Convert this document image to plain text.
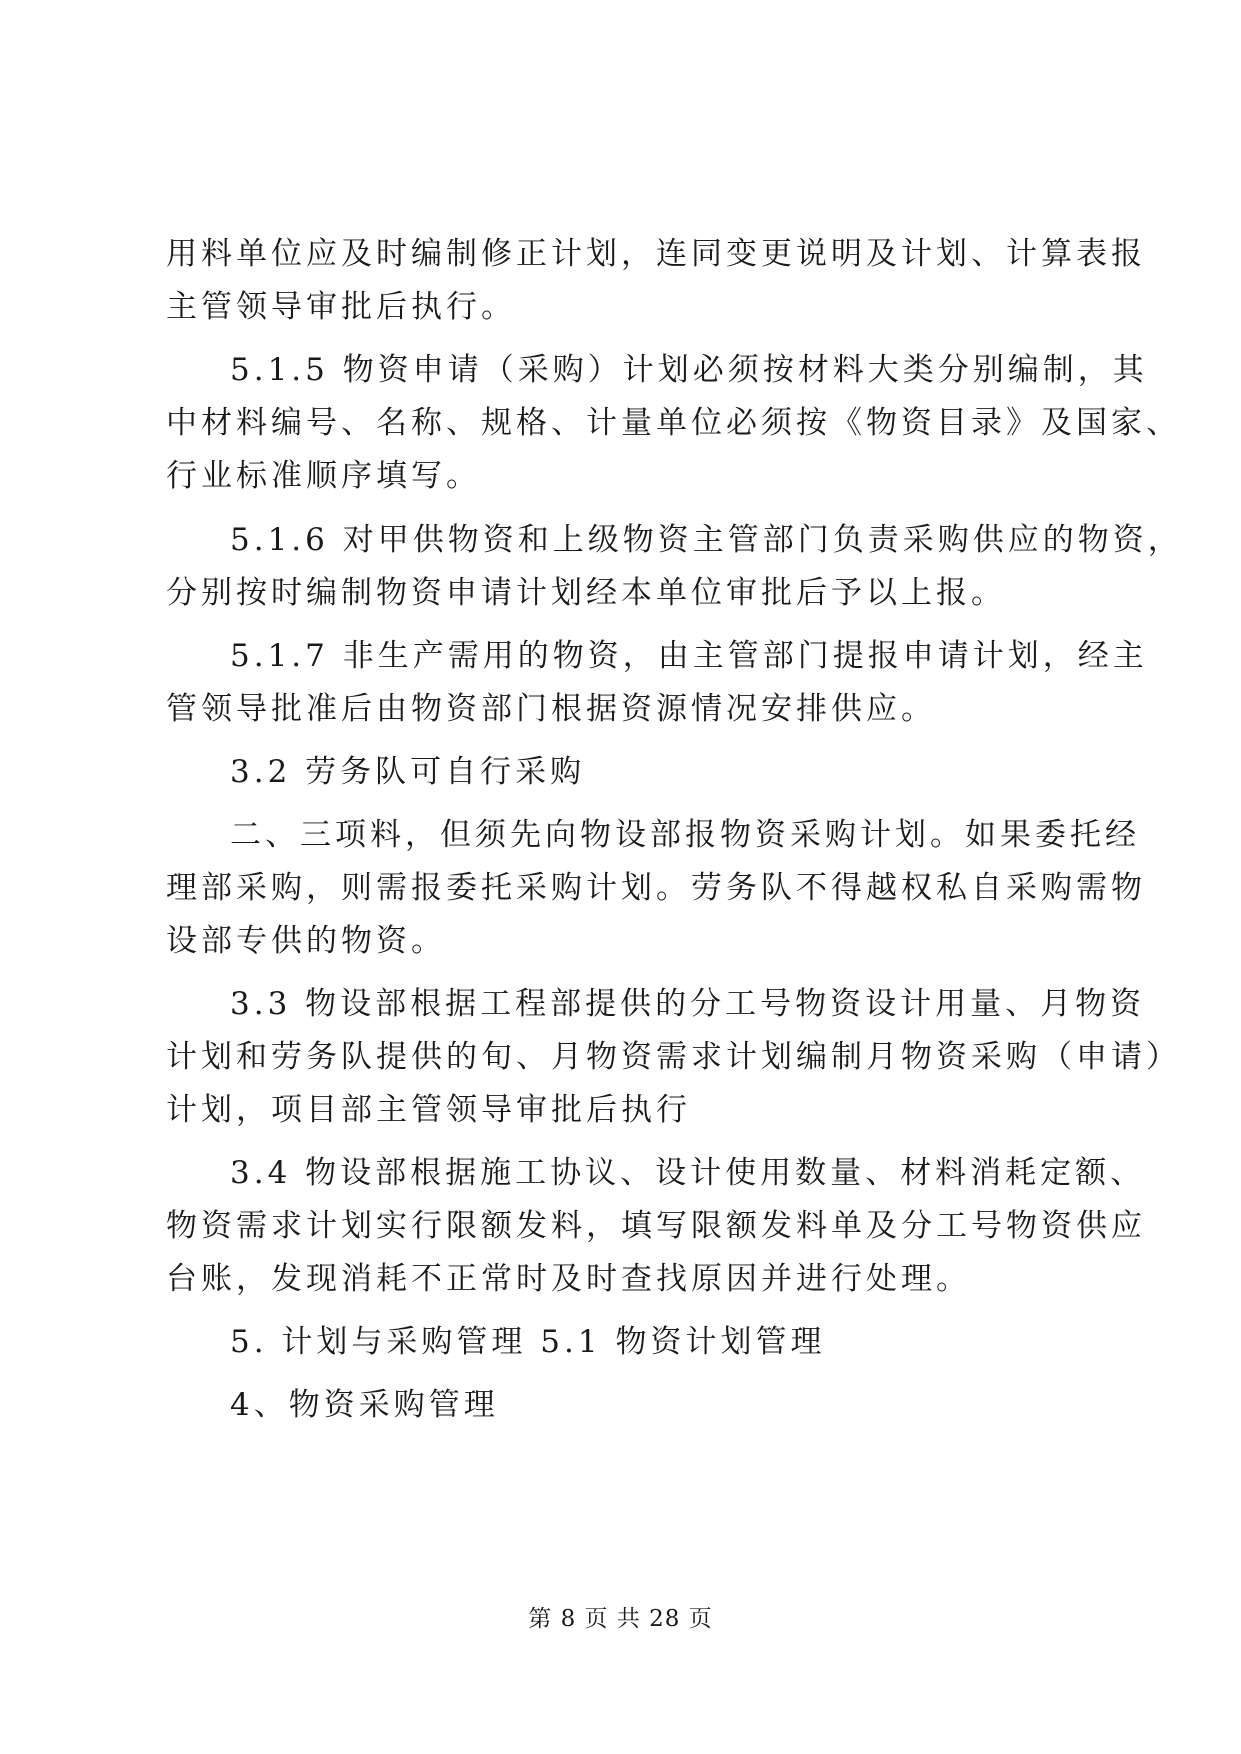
用料单位应及时编制修正计划，连同变更说明及计划、计算表报
主管领导审批后执行。
5.1.5 物资申请（采购）计划必须按材料大类分别编制，其
中材料编号、名称、规格、计量单位必须按《物资目录》及国家、
行业标准顺序填写。
5.1.6 对甲供物资和上级物资主管部门负责采购供应的物资，
分别按时编制物资申请计划经本单位审批后予以上报。
5.1.7 非生产需用的物资，由主管部门提报申请计划，经主
管领导批准后由物资部门根据资源情况安排供应。
3.2 劳务队可自行采购
二、三项料，但须先向物设部报物资采购计划。如果委托经
理部采购，则需报委托采购计划。劳务队不得越权私自采购需物
设部专供的物资。
3.3 物设部根据工程部提供的分工号物资设计用量、月物资
计划和劳务队提供的旬、月物资需求计划编制月物资采购（申请）
计划，项目部主管领导审批后执行
3.4 物设部根据施工协议、设计使用数量、材料消耗定额、
物资需求计划实行限额发料，填写限额发料单及分工号物资供应
台账，发现消耗不正常时及时查找原因并进行处理。
5. 计划与采购管理 5.1 物资计划管理
4、物资采购管理
第 8 页 共 28 页
